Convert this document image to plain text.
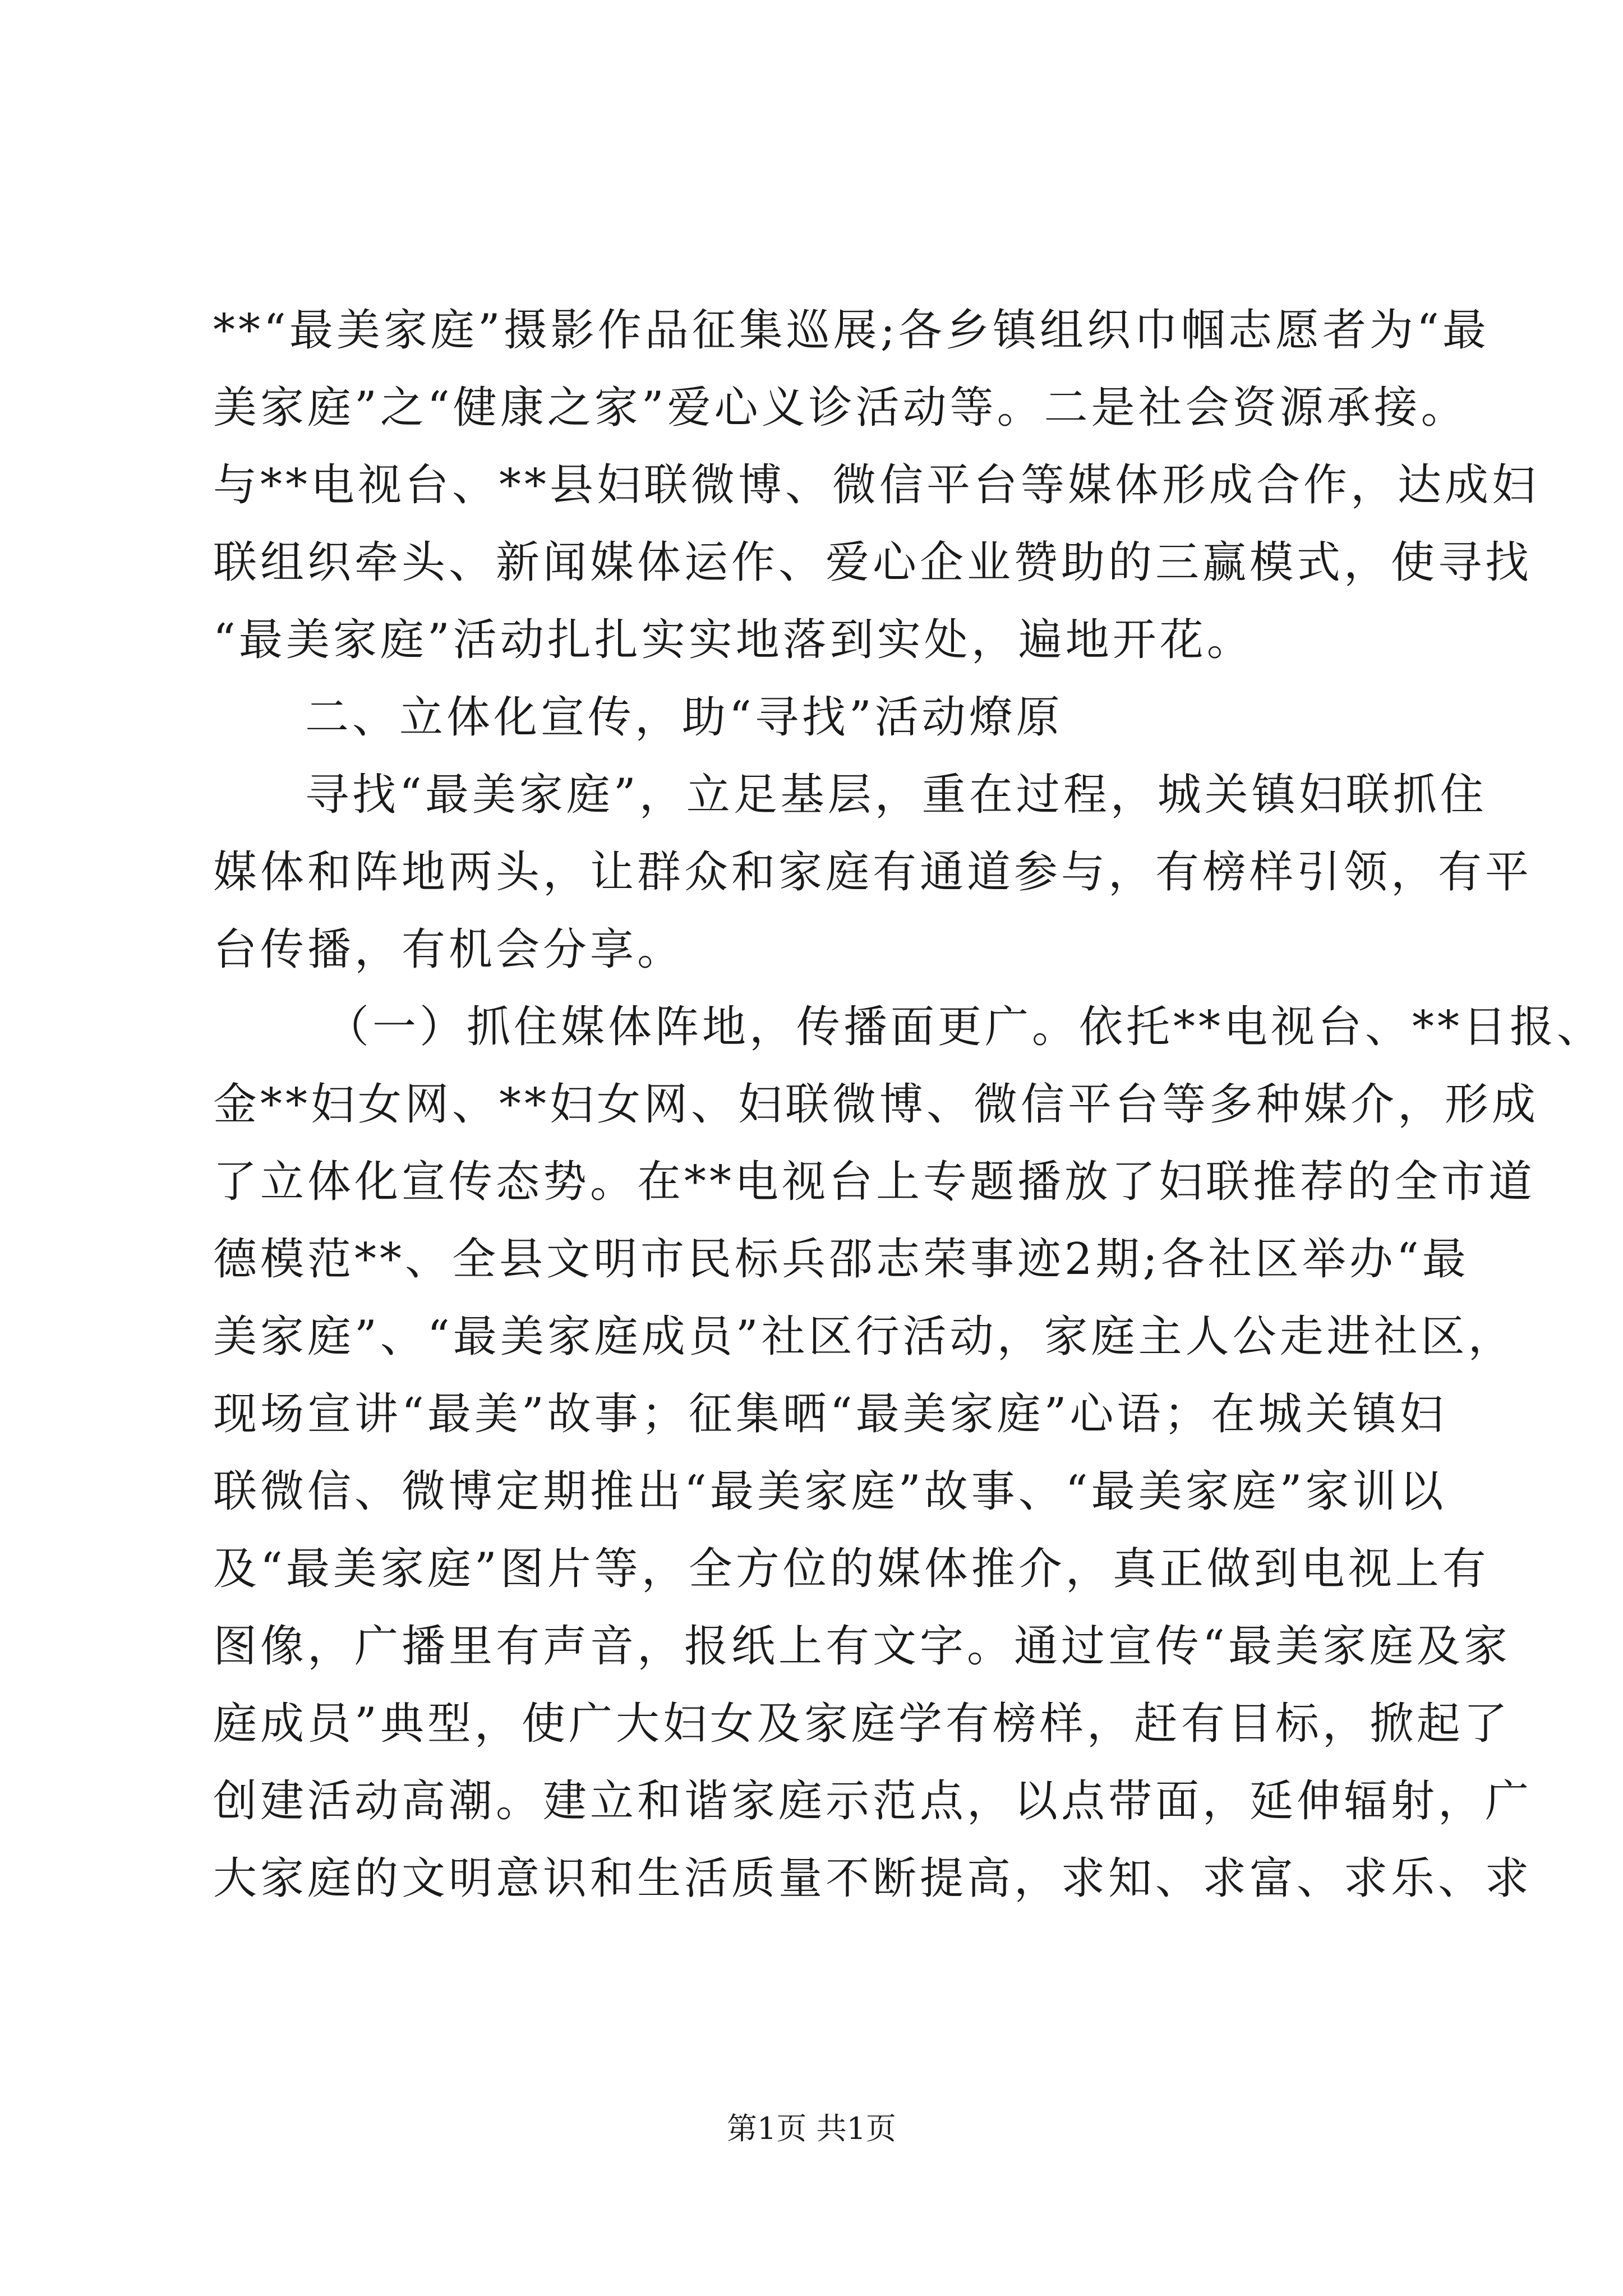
**“最美家庭”摄影作品征集巡展;各乡镇组织巾帼志愿者为“最
美家庭”之“健康之家”爱心义诊活动等。二是社会资源承接。
与**电视台、**县妇联微博、微信平台等媒体形成合作，达成妇
联组织牵头、新闻媒体运作、爱心企业赞助的三赢模式，使寻找
“最美家庭”活动扎扎实实地落到实处，遍地开花。
二、立体化宣传，助“寻找”活动燎原
寻找“最美家庭”，立足基层，重在过程，城关镇妇联抓住
媒体和阵地两头，让群众和家庭有通道参与，有榜样引领，有平
台传播，有机会分享。
（一）抓住媒体阵地，传播面更广。依托**电视台、**日报、
金**妇女网、**妇女网、妇联微博、微信平台等多种媒介，形成
了立体化宣传态势。在**电视台上专题播放了妇联推荐的全市道
德模范**、全县文明市民标兵邵志荣事迹2期;各社区举办“最
美家庭”、“最美家庭成员”社区行活动，家庭主人公走进社区，
现场宣讲“最美”故事；征集晒“最美家庭”心语；在城关镇妇
联微信、微博定期推出“最美家庭”故事、“最美家庭”家训以
及“最美家庭”图片等，全方位的媒体推介，真正做到电视上有
图像，广播里有声音，报纸上有文字。通过宣传“最美家庭及家
庭成员”典型，使广大妇女及家庭学有榜样，赶有目标，掀起了
创建活动高潮。建立和谐家庭示范点，以点带面，延伸辐射，广
大家庭的文明意识和生活质量不断提高，求知、求富、求乐、求
第1页 共1页
